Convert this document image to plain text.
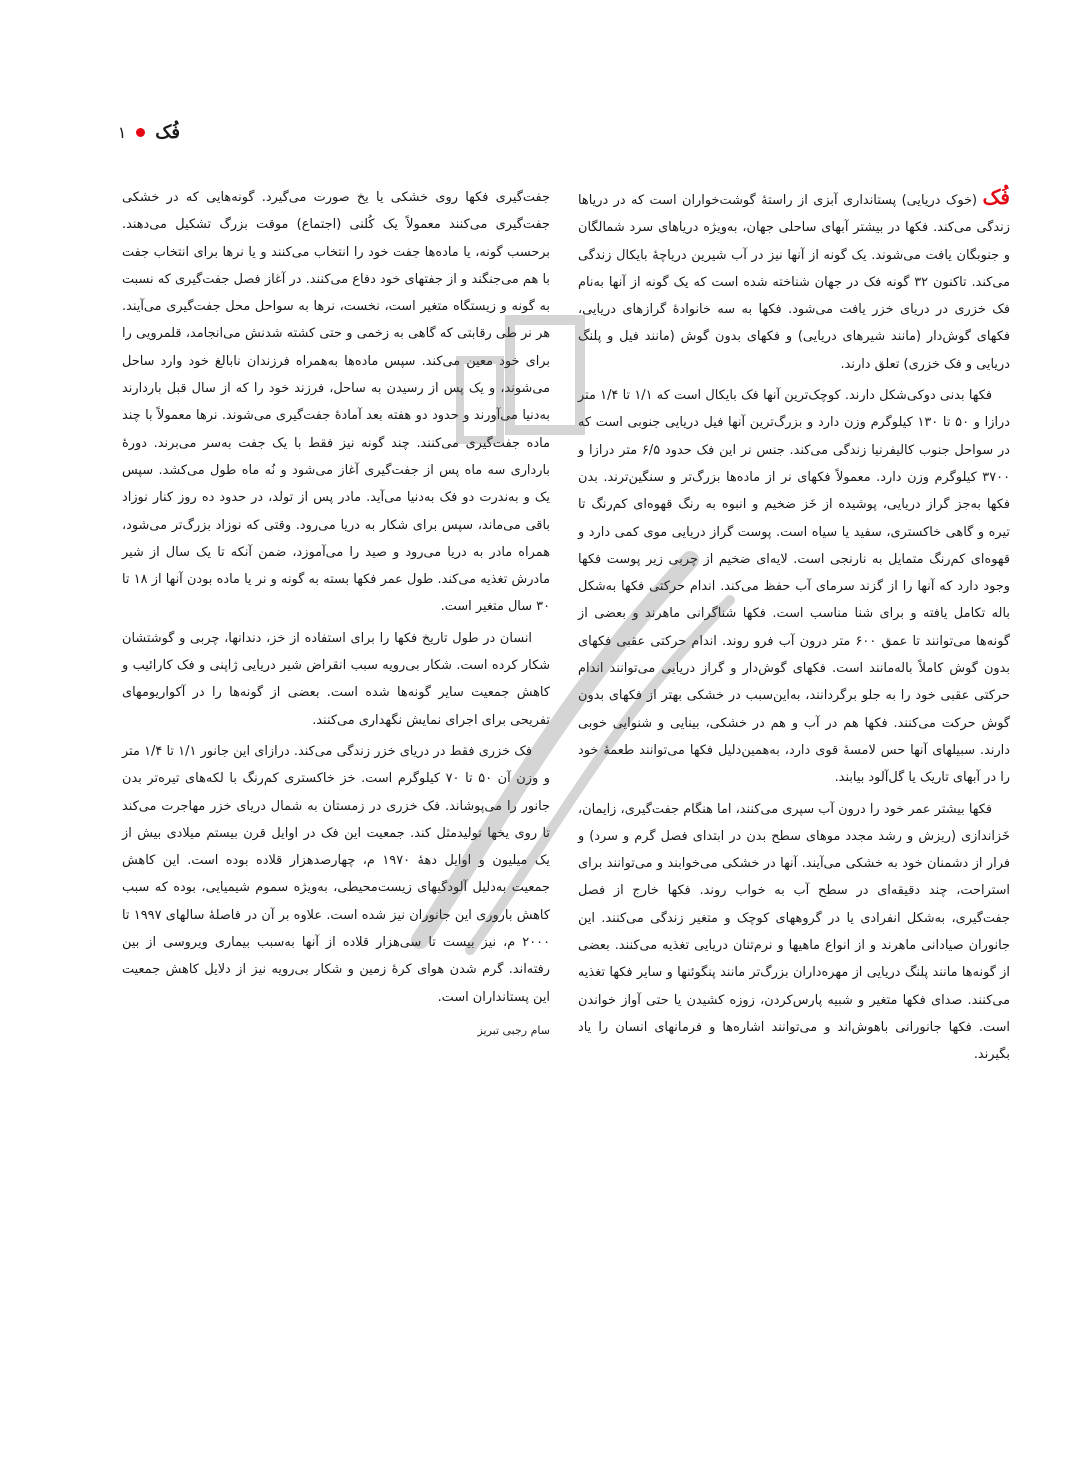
فُک
۱

فُک (خوک دریایی) پستانداری آبزی از راستهٔ گوشت‌خواران است که در دریاها زندگی می‌کند. فکها در بیشتر آبهای ساحلی جهان، به‌ویژه دریاهای سرد شمالگان و جنوبگان یافت می‌شوند. یک گونه از آنها نیز در آب شیرین دریاچهٔ بایکال زندگی می‌کند. تاکنون ۳۲ گونه فک در جهان شناخته شده است که یک گونه از آنها به‌نام فک خزری در دریای خزر یافت می‌شود. فکها به سه خانوادهٔ گرازهای دریایی، فکهای گوش‌دار (مانند شیرهای دریایی) و فکهای بدون گوش (مانند فیل و پلنگ دریایی و فک خزری) تعلق دارند.

فکها بدنی دوکی‌شکل دارند. کوچک‌ترین آنها فک بایکال است که ۱/۱ تا ۱/۴ متر درازا و ۵۰ تا ۱۳۰ کیلوگرم وزن دارد و بزرگ‌ترین آنها فیل دریایی جنوبی است که در سواحل جنوب کالیفرنیا زندگی می‌کند. جنس نر این فک حدود ۶/۵ متر درازا و ۳۷۰۰ کیلوگرم وزن دارد. معمولاً فکهای نر از ماده‌ها بزرگ‌تر و سنگین‌ترند. بدن فکها به‌جز گراز دریایی، پوشیده از خَز ضخیم و انبوه به رنگ قهوه‌ای کم‌رنگ تا تیره و گاهی خاکستری، سفید یا سیاه است. پوست گراز دریایی موی کمی دارد و قهوه‌ای کم‌رنگ متمایل به نارنجی است. لایه‌ای ضخیم از چربی زیر پوست فکها وجود دارد که آنها را از گزند سرمای آب حفظ می‌کند. اندام حرکتی فکها به‌شکل باله تکامل یافته و برای شنا مناسب است. فکها شناگرانی ماهرند و بعضی از گونه‌ها می‌توانند تا عمق ۶۰۰ متر درون آب فرو روند. اندام حرکتی عقبی فکهای بدون گوش کاملاً باله‌مانند است. فکهای گوش‌دار و گراز دریایی می‌توانند اندام حرکتی عقبی خود را به جلو برگردانند، به‌این‌سبب در خشکی بهتر از فکهای بدون گوش حرکت می‌کنند. فکها هم در آب و هم در خشکی، بینایی و شنوایی خوبی دارند. سبیلهای آنها حس لامسهٔ قوی دارد، به‌همین‌دلیل فکها می‌توانند طعمهٔ خود را در آبهای تاریک یا گل‌آلود بیابند.

فکها بیشتر عمر خود را درون آب سپری می‌کنند، اما هنگام جفت‌گیری، زایمان، خَزاندازی (ریزش و رشد مجدد موهای سطح بدن در ابتدای فصل گرم و سرد) و فرار از دشمنان خود به خشکی می‌آیند. آنها در خشکی می‌خوابند و می‌توانند برای استراحت، چند دقیقه‌ای در سطح آب به خواب روند. فکها خارج از فصل جفت‌گیری، به‌شکل انفرادی یا در گروههای کوچک و متغیر زندگی می‌کنند. این جانوران صیادانی ماهرند و از انواع ماهیها و نرم‌تنان دریایی تغذیه می‌کنند. بعضی از گونه‌ها مانند پلنگ دریایی از مهره‌داران بزرگ‌تر مانند پنگوئنها و سایر فکها تغذیه می‌کنند. صدای فکها متغیر و شبیه پارس‌کردن، زوزه کشیدن یا حتی آواز خواندن است. فکها جانورانی باهوش‌اند و می‌توانند اشاره‌ها و فرمانهای انسان را یاد بگیرند.

جفت‌گیری فکها روی خشکی یا یخ صورت می‌گیرد. گونه‌هایی که در خشکی جفت‌گیری می‌کنند معمولاً یک کُلنی (اجتماع) موقت بزرگ تشکیل می‌دهند. برحسب گونه، یا ماده‌ها جفت خود را انتخاب می‌کنند و یا نرها برای انتخاب جفت با هم می‌جنگند و از جفتهای خود دفاع می‌کنند. در آغاز فصل جفت‌گیری که نسبت به گونه و زیستگاه متغیر است، نخست، نرها به سواحل محل جفت‌گیری می‌آیند. هر نر طی رقابتی که گاهی به زخمی و حتی کشته شدنش می‌انجامد، قلمرویی را برای خود معین می‌کند. سپس ماده‌ها به‌همراه فرزندان نابالغ خود وارد ساحل می‌شوند، و یک پس از رسیدن به ساحل، فرزند خود را که از سال قبل باردارند به‌دنیا می‌آورند و حدود دو هفته بعد آمادهٔ جفت‌گیری می‌شوند. نرها معمولاً با چند ماده جفت‌گیری می‌کنند. چند گونه نیز فقط با یک جفت به‌سر می‌برند. دورهٔ بارداری سه ماه پس از جفت‌گیری آغاز می‌شود و نُه ماه طول می‌کشد. سپس یک و به‌ندرت دو فک به‌دنیا می‌آید. مادر پس از تولد، در حدود ده روز کنار نوزاد باقی می‌ماند، سپس برای شکار به دریا می‌رود. وقتی که نوزاد بزرگ‌تر می‌شود، همراه مادر به دریا می‌رود و صید را می‌آموزد، ضمن آنکه تا یک سال از شیر مادرش تغذیه می‌کند. طول عمر فکها بسته به گونه و نر یا ماده بودن آنها از ۱۸ تا ۳۰ سال متغیر است.

انسان در طول تاریخ فکها را برای استفاده از خز، دندانها، چربی و گوشتشان شکار کرده است. شکار بی‌رویه سبب انقراض شیر دریایی ژاپنی و فک کارائیب و کاهش جمعیت سایر گونه‌ها شده است. بعضی از گونه‌ها را در آکواریومهای تفریحی برای اجرای نمایش نگهداری می‌کنند.

فک خزری فقط در دریای خزر زندگی می‌کند. درازای این جانور ۱/۱ تا ۱/۴ متر و وزن آن ۵۰ تا ۷۰ کیلوگرم است. خز خاکستری کم‌رنگ با لکه‌های تیره‌تر بدن جانور را می‌پوشاند. فک خزری در زمستان به شمال دریای خزر مهاجرت می‌کند تا روی یخها تولیدمثل کند. جمعیت این فک در اوایل قرن بیستم میلادی بیش از یک میلیون و اوایل دههٔ ۱۹۷۰ م، چهارصدهزار قلاده بوده است. این کاهش جمعیت به‌دلیل آلودگیهای زیست‌محیطی، به‌ویژه سموم شیمیایی، بوده که سبب کاهش باروری این جانوران نیز شده است. علاوه بر آن در فاصلهٔ سالهای ۱۹۹۷ تا ۲۰۰۰ م، نیز بیست تا سی‌هزار قلاده از آنها به‌سبب بیماری ویروسی از بین رفته‌اند. گرم شدن هوای کرهٔ زمین و شکار بی‌رویه نیز از دلایل کاهش جمعیت این پستانداران است.

سام رجبی تبریز
